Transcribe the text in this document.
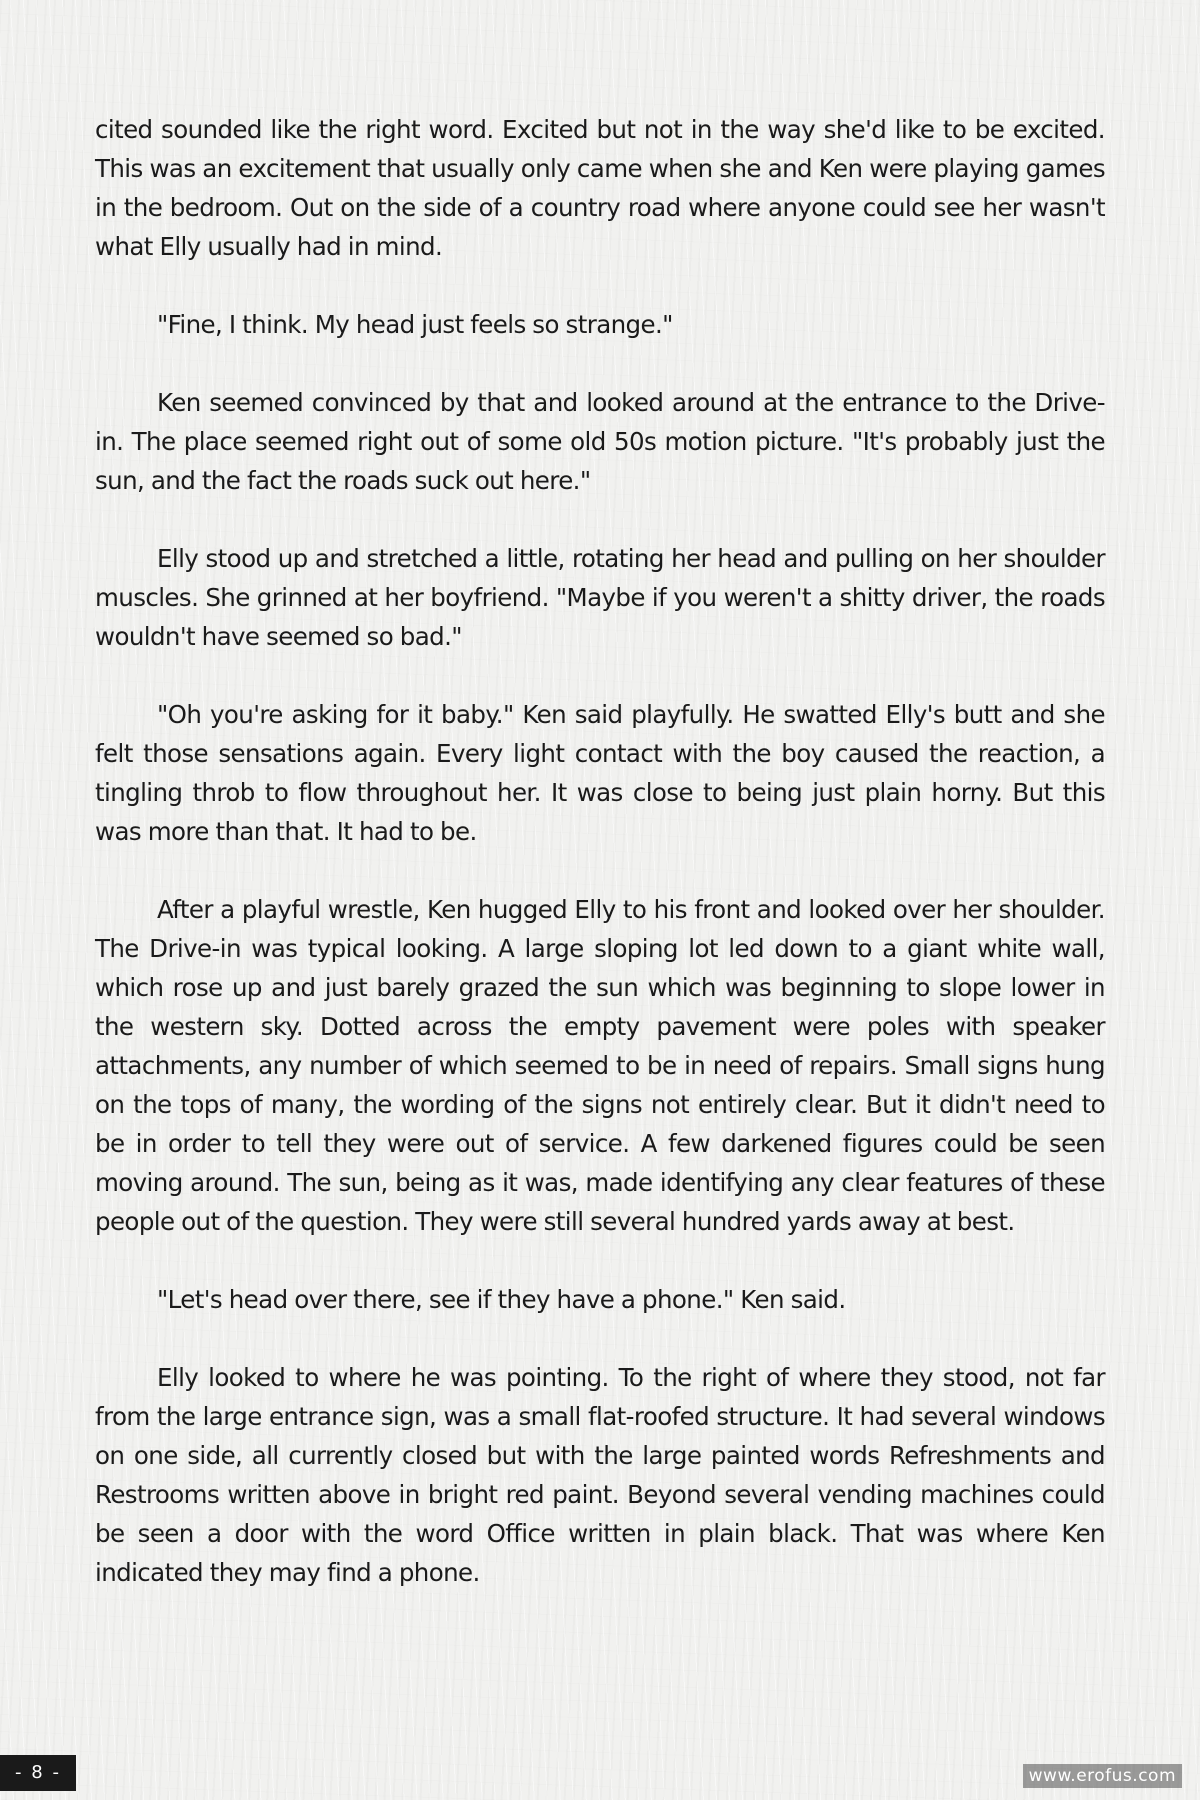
cited sounded like the right word. Excited but not in the way she'd like to be excited. This was an excitement that usually only came when she and Ken were playing games in the bedroom. Out on the side of a country road where anyone could see her wasn't what Elly usually had in mind.

"Fine, I think. My head just feels so strange."

Ken seemed convinced by that and looked around at the entrance to the Drive-in. The place seemed right out of some old 50s motion picture. "It's probably just the sun, and the fact the roads suck out here."

Elly stood up and stretched a little, rotating her head and pulling on her shoulder muscles. She grinned at her boyfriend. "Maybe if you weren't a shitty driver, the roads wouldn't have seemed so bad."

"Oh you're asking for it baby." Ken said playfully. He swatted Elly's butt and she felt those sensations again. Every light contact with the boy caused the reaction, a tingling throb to flow throughout her. It was close to being just plain horny. But this was more than that. It had to be.

After a playful wrestle, Ken hugged Elly to his front and looked over her shoulder. The Drive-in was typical looking. A large sloping lot led down to a giant white wall, which rose up and just barely grazed the sun which was beginning to slope lower in the western sky. Dotted across the empty pavement were poles with speaker attachments, any number of which seemed to be in need of repairs. Small signs hung on the tops of many, the wording of the signs not entirely clear. But it didn't need to be in order to tell they were out of service. A few darkened figures could be seen moving around. The sun, being as it was, made identifying any clear features of these people out of the question. They were still several hundred yards away at best.

"Let's head over there, see if they have a phone." Ken said.

Elly looked to where he was pointing. To the right of where they stood, not far from the large entrance sign, was a small flat-roofed structure. It had several windows on one side, all currently closed but with the large painted words Refreshments and Restrooms written above in bright red paint. Beyond several vending machines could be seen a door with the word Office written in plain black. That was where Ken indicated they may find a phone.

- 8 -	www.erofus.com
